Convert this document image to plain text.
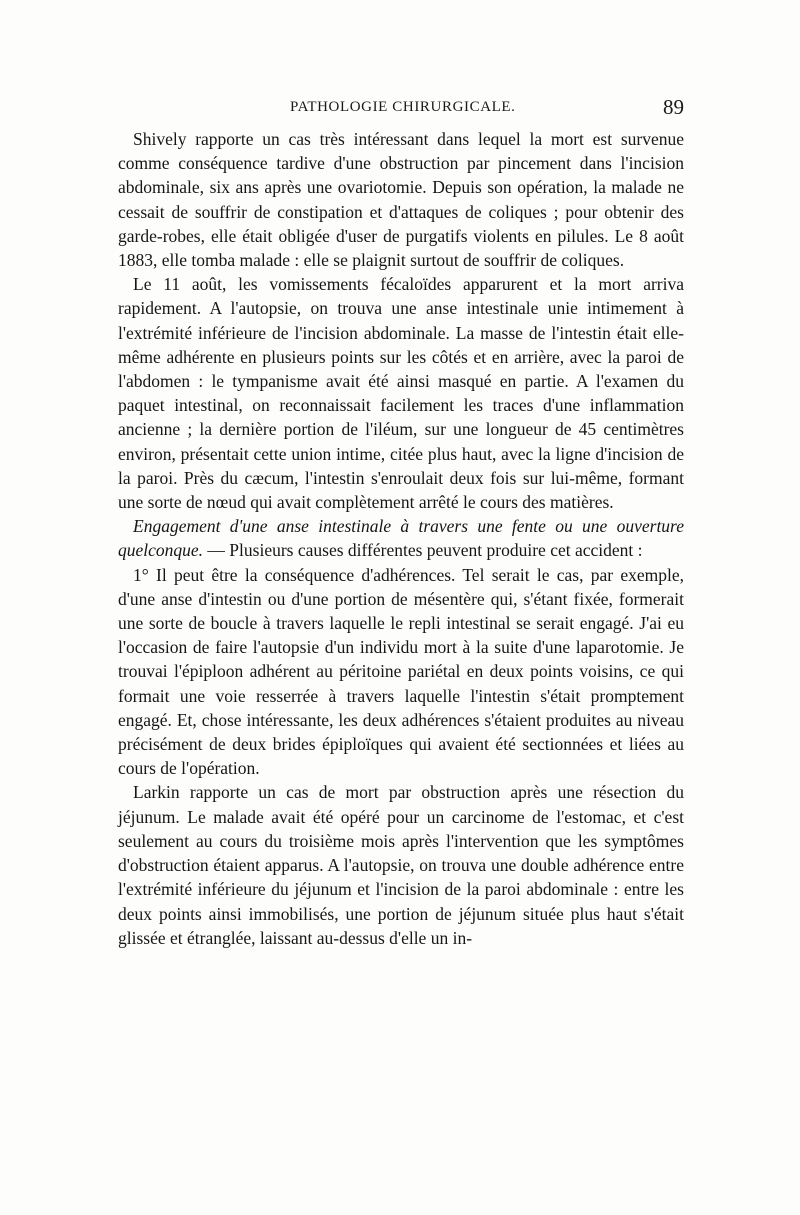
PATHOLOGIE CHIRURGICALE.	89

Shively rapporte un cas très intéressant dans lequel la mort est survenue comme conséquence tardive d'une obstruction par pincement dans l'incision abdominale, six ans après une ovariotomie. Depuis son opération, la malade ne cessait de souffrir de constipation et d'attaques de coliques ; pour obtenir des garde-robes, elle était obligée d'user de purgatifs violents en pilules. Le 8 août 1883, elle tomba malade : elle se plaignit surtout de souffrir de coliques.

Le 11 août, les vomissements fécaloïdes apparurent et la mort arriva rapidement. A l'autopsie, on trouva une anse intestinale unie intimement à l'extrémité inférieure de l'incision abdominale. La masse de l'intestin était elle-même adhérente en plusieurs points sur les côtés et en arrière, avec la paroi de l'abdomen : le tympanisme avait été ainsi masqué en partie. A l'examen du paquet intestinal, on reconnaissait facilement les traces d'une inflammation ancienne ; la dernière portion de l'iléum, sur une longueur de 45 centimètres environ, présentait cette union intime, citée plus haut, avec la ligne d'incision de la paroi. Près du cæcum, l'intestin s'enroulait deux fois sur lui-même, formant une sorte de nœud qui avait complètement arrêté le cours des matières.

Engagement d'une anse intestinale à travers une fente ou une ouverture quelconque. — Plusieurs causes différentes peuvent produire cet accident :

1° Il peut être la conséquence d'adhérences. Tel serait le cas, par exemple, d'une anse d'intestin ou d'une portion de mésentère qui, s'étant fixée, formerait une sorte de boucle à travers laquelle le repli intestinal se serait engagé. J'ai eu l'occasion de faire l'autopsie d'un individu mort à la suite d'une laparotomie. Je trouvai l'épiploon adhérent au péritoine pariétal en deux points voisins, ce qui formait une voie resserrée à travers laquelle l'intestin s'était promptement engagé. Et, chose intéressante, les deux adhérences s'étaient produites au niveau précisément de deux brides épiploïques qui avaient été sectionnées et liées au cours de l'opération.

Larkin rapporte un cas de mort par obstruction après une résection du jéjunum. Le malade avait été opéré pour un carcinome de l'estomac, et c'est seulement au cours du troisième mois après l'intervention que les symptômes d'obstruction étaient apparus. A l'autopsie, on trouva une double adhérence entre l'extrémité inférieure du jéjunum et l'incision de la paroi abdominale : entre les deux points ainsi immobilisés, une portion de jéjunum située plus haut s'était glissée et étranglée, laissant au-dessus d'elle un in-
